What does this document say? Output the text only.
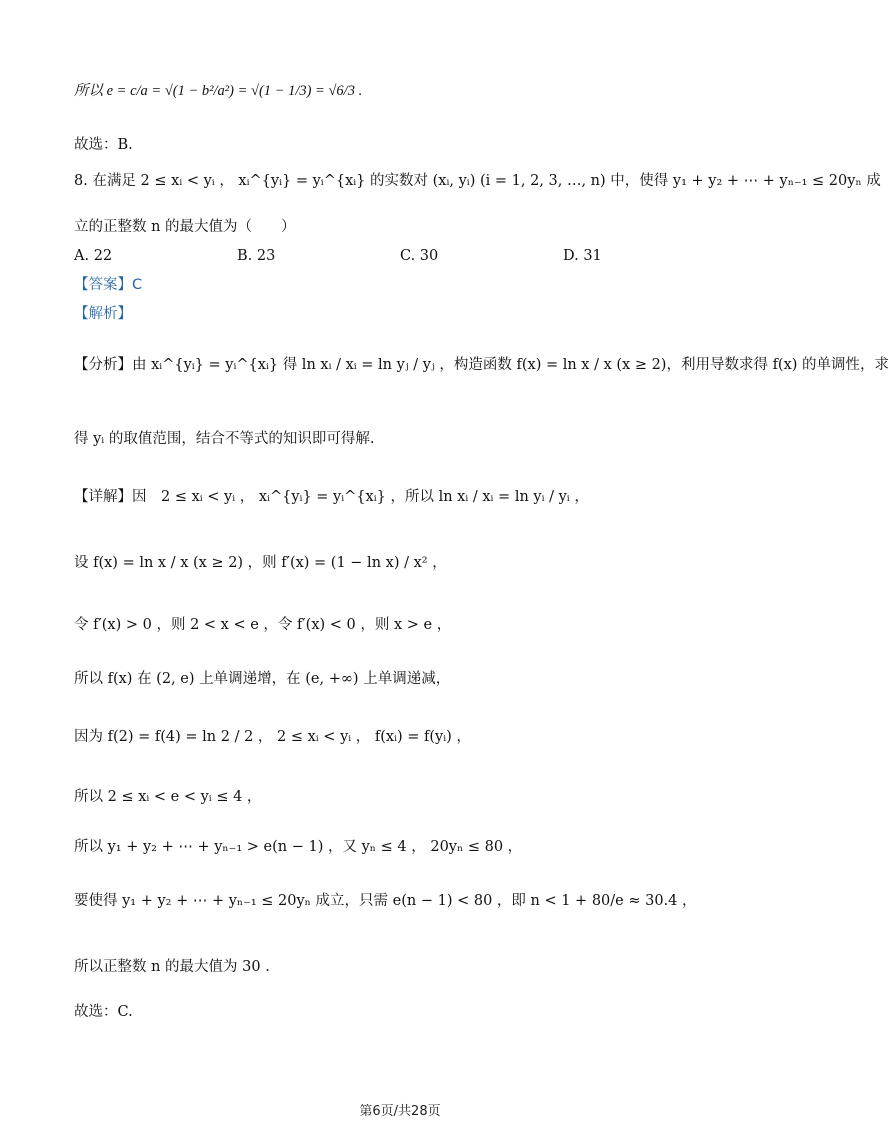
所以 e = c/a = √(1 − b²/a²) = √(1 − 1/3) = √6/3 .
故选：B.
8. 在满足 2 ≤ xᵢ < yᵢ ， xᵢ^{yᵢ} = yᵢ^{xᵢ} 的实数对 (xᵢ, yᵢ) (i = 1, 2, 3, …, n) 中，使得 y₁ + y₂ + ⋯ + yₙ₋₁ ≤ 20yₙ 成
立的正整数 n 的最大值为（　　）
A. 22	B. 23	C. 30	D. 31
【答案】C
【解析】
【分析】由 xᵢ^{yᵢ} = yᵢ^{xᵢ} 得 ln xᵢ / xᵢ = ln yⱼ / yⱼ ，构造函数 f(x) = ln x / x (x ≥ 2)，利用导数求得 f(x) 的单调性，求
得 yᵢ 的取值范围，结合不等式的知识即可得解.
【详解】因　2 ≤ xᵢ < yᵢ ， xᵢ^{yᵢ} = yᵢ^{xᵢ} ，所以 ln xᵢ / xᵢ = ln yᵢ / yᵢ ，
设 f(x) = ln x / x (x ≥ 2) ，则 f′(x) = (1 − ln x) / x² ，
令 f′(x) > 0 ，则 2 < x < e ，令 f′(x) < 0 ，则 x > e ，
所以 f(x) 在 (2, e) 上单调递增，在 (e, +∞) 上单调递减，
因为 f(2) = f(4) = ln 2 / 2 ， 2 ≤ xᵢ < yᵢ ， f(xᵢ) = f(yᵢ) ，
所以 2 ≤ xᵢ < e < yᵢ ≤ 4 ，
所以 y₁ + y₂ + ⋯ + yₙ₋₁ > e(n − 1) ，又 yₙ ≤ 4 ， 20yₙ ≤ 80 ，
要使得 y₁ + y₂ + ⋯ + yₙ₋₁ ≤ 20yₙ 成立，只需 e(n − 1) < 80 ，即 n < 1 + 80/e ≈ 30.4 ，
所以正整数 n 的最大值为 30 .
故选：C.
第6页/共28页
